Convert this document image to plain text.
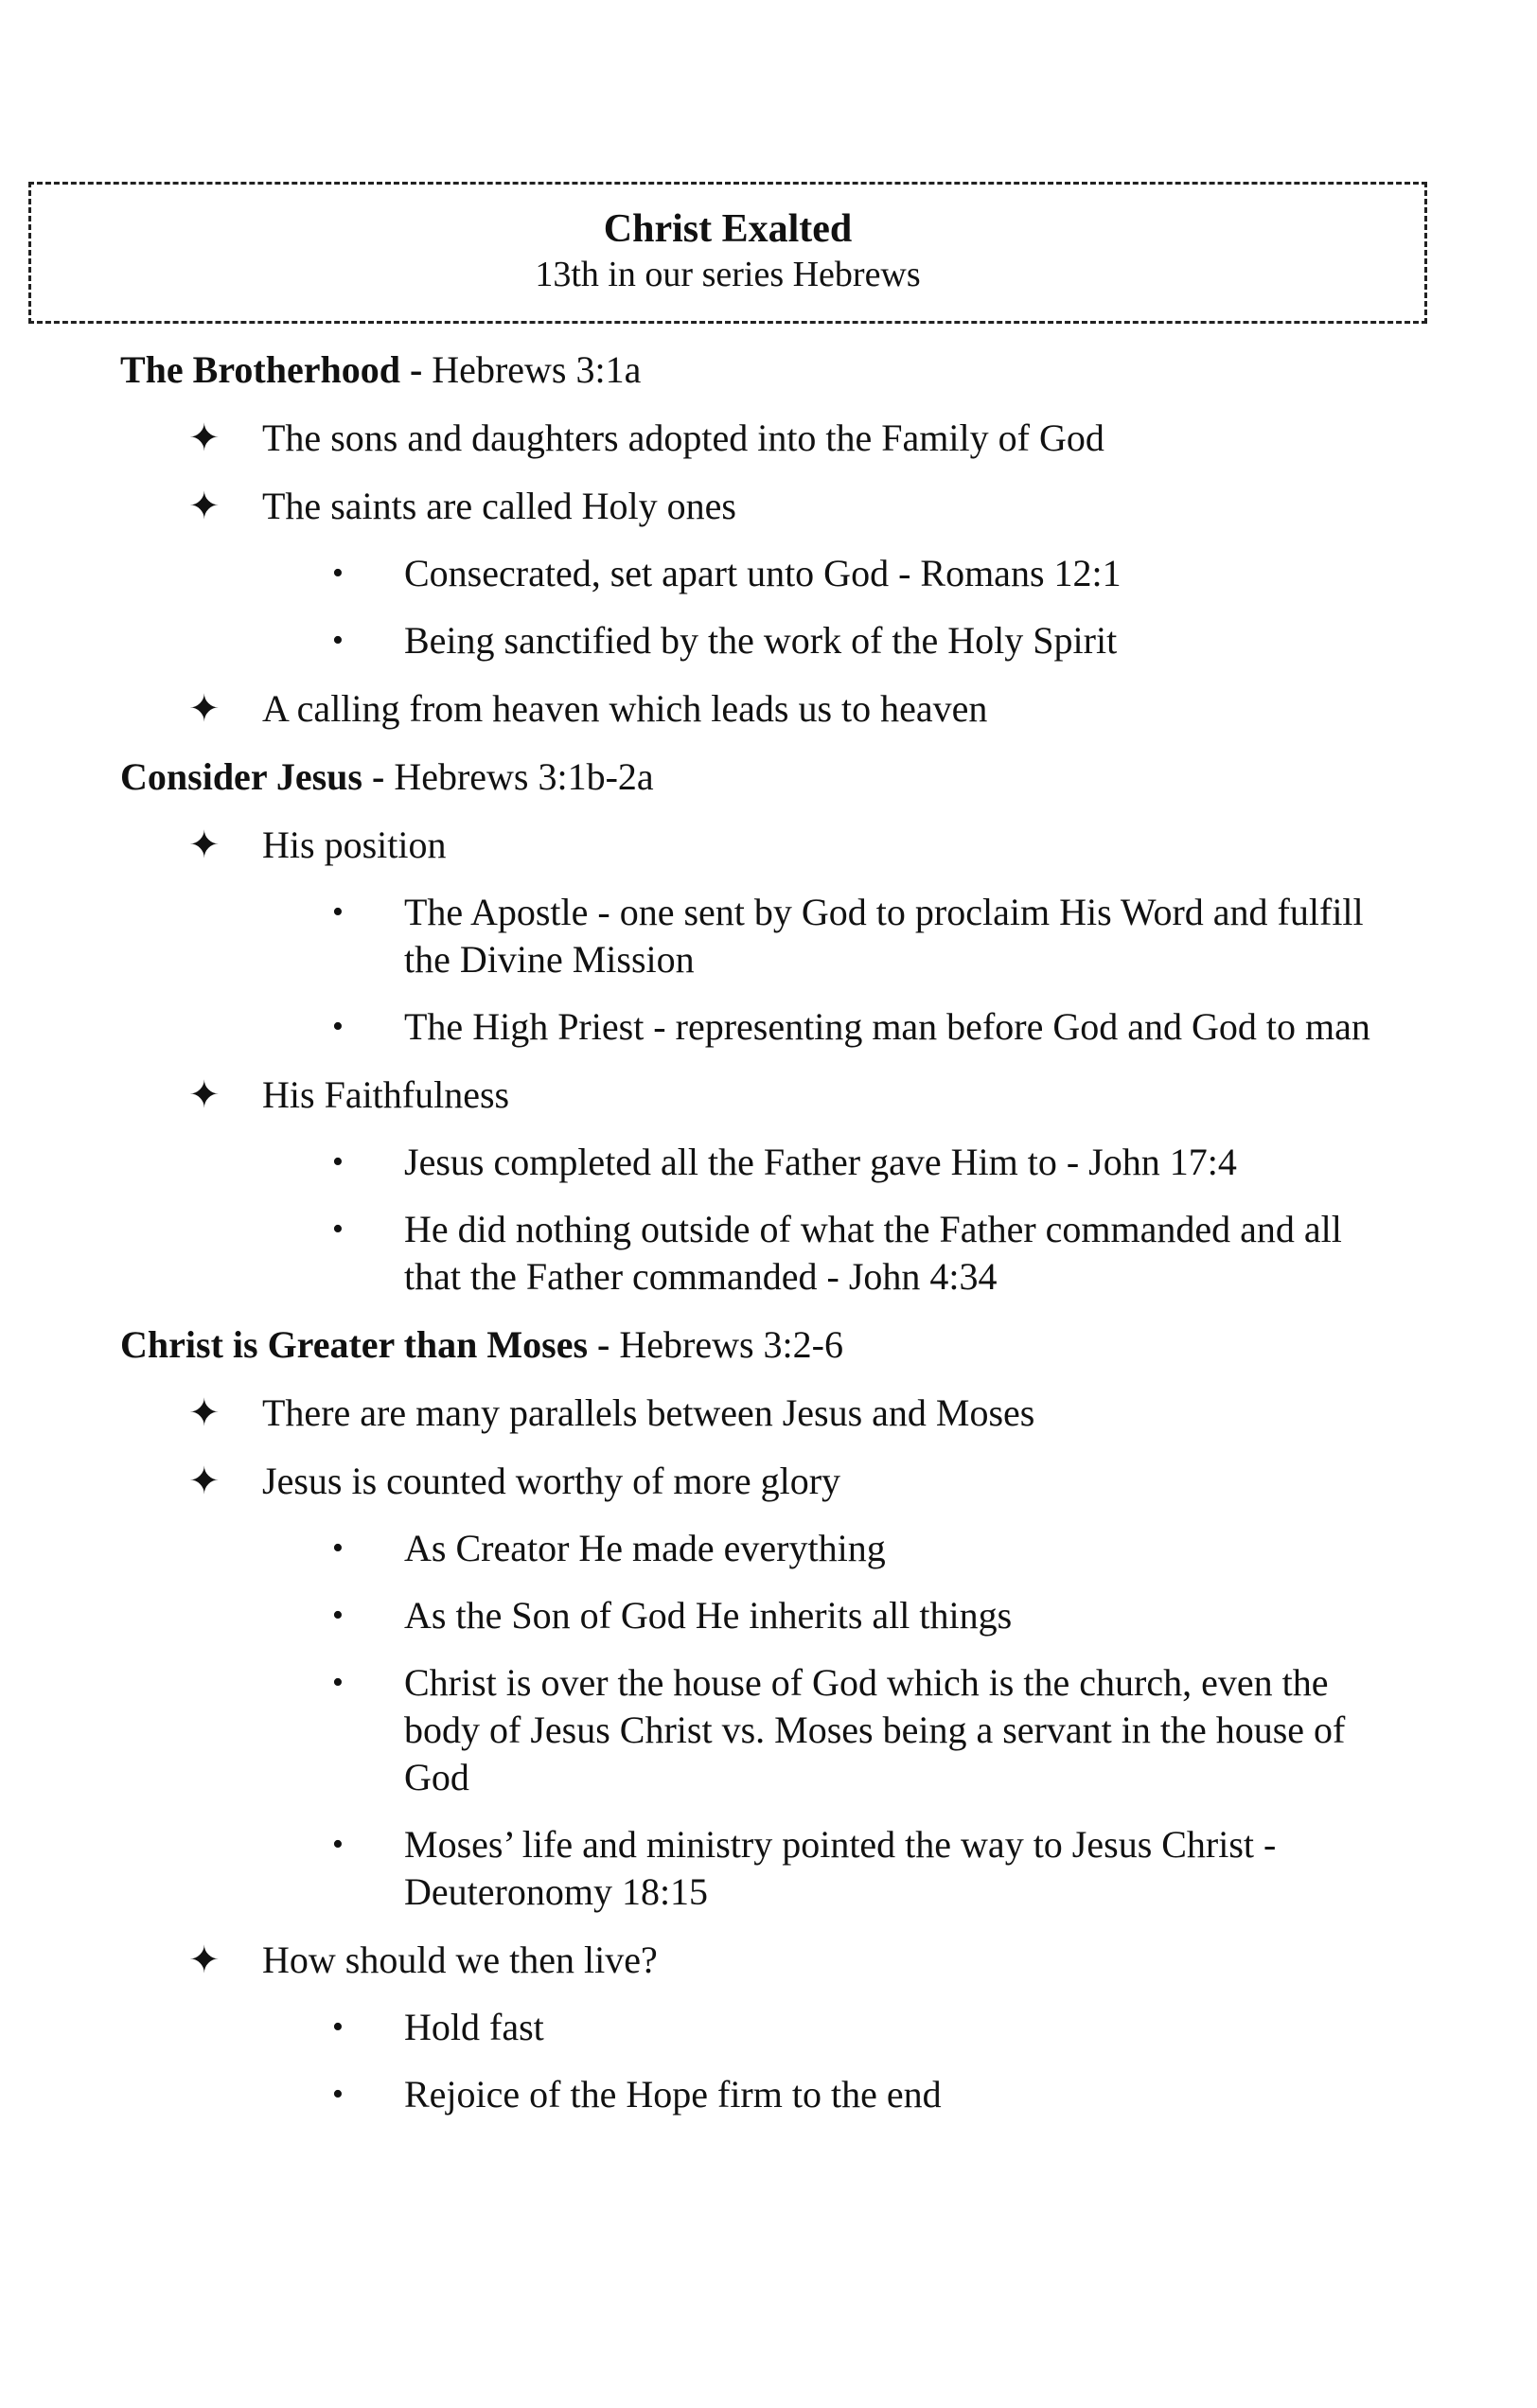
Christ Exalted
13th in our series Hebrews
The Brotherhood - Hebrews 3:1a
✦ The sons and daughters adopted into the Family of God
✦ The saints are called Holy ones
• Consecrated, set apart unto God - Romans 12:1
• Being sanctified by the work of the Holy Spirit
✦ A calling from heaven which leads us to heaven
Consider Jesus - Hebrews 3:1b-2a
✦ His position
• The Apostle - one sent by God to proclaim His Word and fulfill the Divine Mission
• The High Priest - representing man before God and God to man
✦ His Faithfulness
• Jesus completed all the Father gave Him to - John 17:4
• He did nothing outside of what the Father commanded and all that the Father commanded - John 4:34
Christ is Greater than Moses - Hebrews 3:2-6
✦ There are many parallels between Jesus and Moses
✦ Jesus is counted worthy of more glory
• As Creator He made everything
• As the Son of God He inherits all things
• Christ is over the house of God which is the church, even the body of Jesus Christ vs. Moses being a servant in the house of God
• Moses’ life and ministry pointed the way to Jesus Christ - Deuteronomy 18:15
✦ How should we then live?
• Hold fast
• Rejoice of the Hope firm to the end
